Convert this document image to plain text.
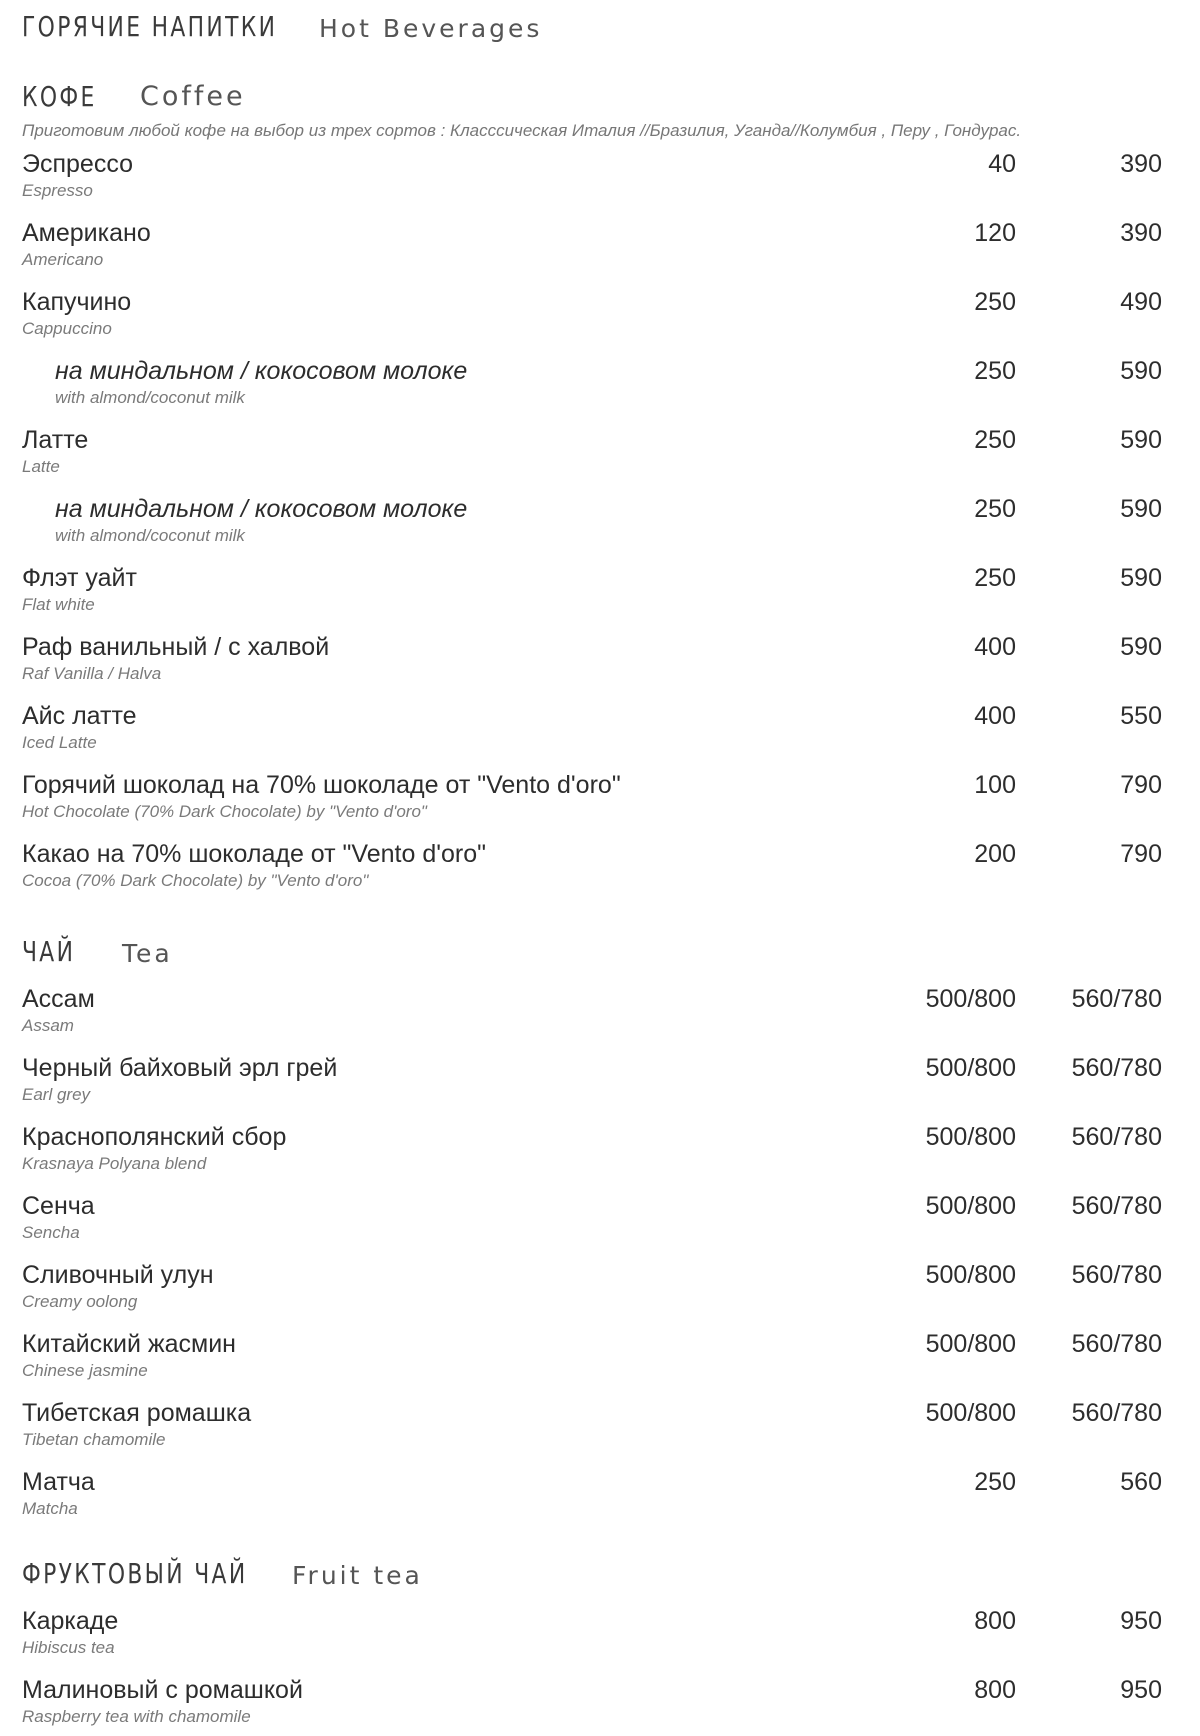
ГОРЯЧИЕ НАПИТКИ Hot Beverages
КОФЕ Coffee
Приготовим любой кофе на выбор из трех сортов : Класссическая Италия //Бразилия, Уганда//Колумбия , Перу , Гондурас.
Эспрессо
Espresso
40	390
Американо
Americano
120	390
Капучино
Cappuccino
250	490
на миндальном / кокосовом молоке
with almond/coconut milk
250	590
Латте
Latte
250	590
на миндальном / кокосовом молоке
with almond/coconut milk
250	590
Флэт уайт
Flat white
250	590
Раф ванильный / с халвой
Raf Vanilla / Halva
400	590
Айс латте
Iced Latte
400	550
Горячий шоколад на 70% шоколаде от "Vento d'oro"
Hot Chocolate (70% Dark Chocolate) by "Vento d'oro"
100	790
Какао на 70% шоколаде от "Vento d'oro"
Cocoa (70% Dark Chocolate) by "Vento d'oro"
200	790
ЧАЙ Tea
Ассам
Assam
500/800 560/780
Черный байховый эрл грей
Earl grey
500/800 560/780
Краснополянский сбор
Krasnaya Polyana blend
500/800 560/780
Сенча
Sencha
500/800 560/780
Сливочный улун
Creamy oolong
500/800 560/780
Китайский жасмин
Chinese jasmine
500/800 560/780
Тибетская ромашка
Tibetan chamomile
500/800 560/780
Матча
Matcha
250	560
ФРУКТОВЫЙ ЧАЙ Fruit tea
Каркаде
Hibiscus tea
800	950
Малиновый с ромашкой
Raspberry tea with chamomile
800	950
